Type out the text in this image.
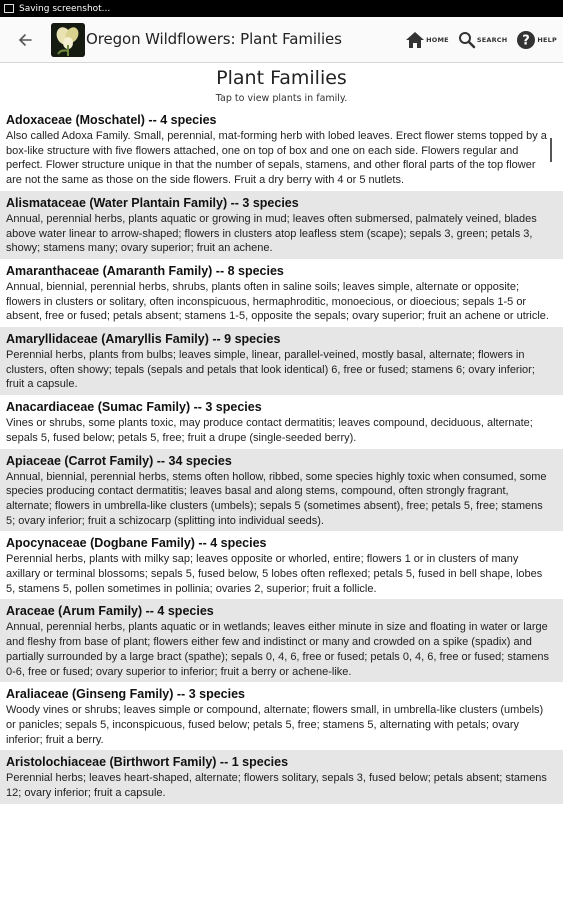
Saving screenshot...
Oregon Wildflowers: Plant Families	HOME	SEARCH ? HELP
Plant Families
Tap to view plants in family.
Adoxaceae (Moschatel) -- 4 species
Also called Adoxa Family. Small, perennial, mat-forming herb with lobed leaves. Erect flower stems topped by a box-like structure with five flowers attached, one on top of box and one on each side. Flowers regular and perfect. Flower structure unique in that the number of sepals, stamens, and other floral parts of the top flower are not the same as those on the side flowers. Fruit a dry berry with 4 or 5 nutlets.
Alismataceae (Water Plantain Family) -- 3 species
Annual, perennial herbs, plants aquatic or growing in mud; leaves often submersed, palmately veined, blades above water linear to arrow-shaped; flowers in clusters atop leafless stem (scape); sepals 3, green; petals 3, showy; stamens many; ovary superior; fruit an achene.
Amaranthaceae (Amaranth Family) -- 8 species
Annual, biennial, perennial herbs, shrubs, plants often in saline soils; leaves simple, alternate or opposite; flowers in clusters or solitary, often inconspicuous, hermaphroditic, monoecious, or dioecious; sepals 1-5 or absent, free or fused; petals absent; stamens 1-5, opposite the sepals; ovary superior; fruit an achene or utricle.
Amaryllidaceae (Amaryllis Family) -- 9 species
Perennial herbs, plants from bulbs; leaves simple, linear, parallel-veined, mostly basal, alternate; flowers in clusters, often showy; tepals (sepals and petals that look identical) 6, free or fused; stamens 6; ovary inferior; fruit a capsule.
Anacardiaceae (Sumac Family) -- 3 species
Vines or shrubs, some plants toxic, may produce contact dermatitis; leaves compound, deciduous, alternate; sepals 5, fused below; petals 5, free; fruit a drupe (single-seeded berry).
Apiaceae (Carrot Family) -- 34 species
Annual, biennial, perennial herbs, stems often hollow, ribbed, some species highly toxic when consumed, some species producing contact dermatitis; leaves basal and along stems, compound, often strongly fragrant, alternate; flowers in umbrella-like clusters (umbels); sepals 5 (sometimes absent), free; petals 5, free; stamens 5; ovary inferior; fruit a schizocarp (splitting into individual seeds).
Apocynaceae (Dogbane Family) -- 4 species
Perennial herbs, plants with milky sap; leaves opposite or whorled, entire; flowers 1 or in clusters of many axillary or terminal blossoms; sepals 5, fused below, 5 lobes often reflexed; petals 5, fused in bell shape, lobes 5, stamens 5, pollen sometimes in pollinia; ovaries 2, superior; fruit a follicle.
Araceae (Arum Family) -- 4 species
Annual, perennial herbs, plants aquatic or in wetlands; leaves either minute in size and floating in water or large and fleshy from base of plant; flowers either few and indistinct or many and crowded on a spike (spadix) and partially surrounded by a large bract (spathe); sepals 0, 4, 6, free or fused; petals 0, 4, 6, free or fused; stamens 0-6, free or fused; ovary superior to inferior; fruit a berry or achene-like.
Araliaceae (Ginseng Family) -- 3 species
Woody vines or shrubs; leaves simple or compound, alternate; flowers small, in umbrella-like clusters (umbels) or panicles; sepals 5, inconspicuous, fused below; petals 5, free; stamens 5, alternating with petals; ovary inferior; fruit a berry.
Aristolochiaceae (Birthwort Family) -- 1 species
Perennial herbs; leaves heart-shaped, alternate; flowers solitary, sepals 3, fused below; petals absent; stamens 12; ovary inferior; fruit a capsule.
